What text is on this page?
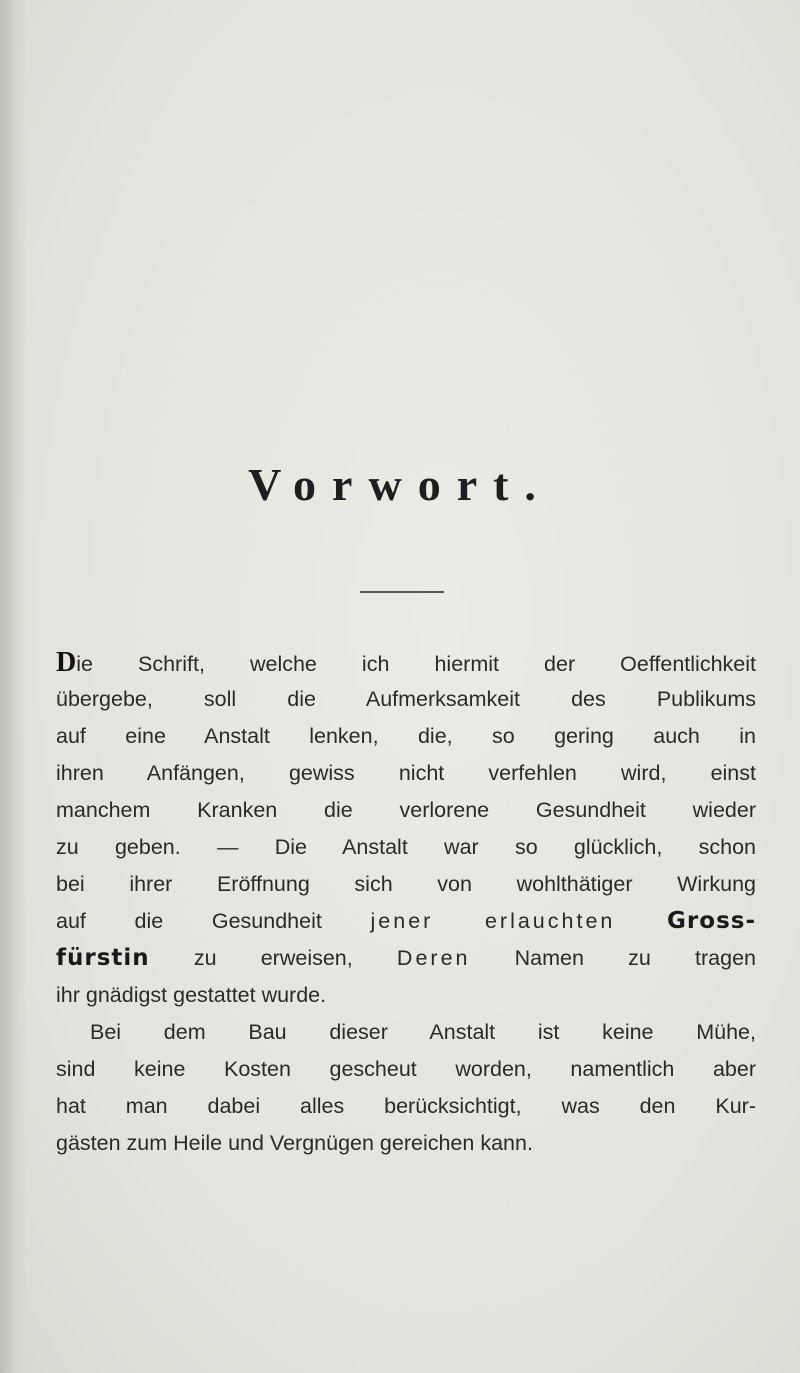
Vorwort.
Die Schrift, welche ich hiermit der Oeffentlichkeit
übergebe, soll die Aufmerksamkeit des Publikums
auf eine Anstalt lenken, die, so gering auch in
ihren Anfängen, gewiss nicht verfehlen wird, einst
manchem Kranken die verlorene Gesundheit wieder
zu geben. — Die Anstalt war so glücklich, schon
bei ihrer Eröffnung sich von wohlthätiger Wirkung
auf die Gesundheit jener erlauchten Gross-
fürstin zu erweisen, Deren Namen zu tragen
ihr gnädigst gestattet wurde.
Bei dem Bau dieser Anstalt ist keine Mühe,
sind keine Kosten gescheut worden, namentlich aber
hat man dabei alles berücksichtigt, was den Kur-
gästen zum Heile und Vergnügen gereichen kann.
